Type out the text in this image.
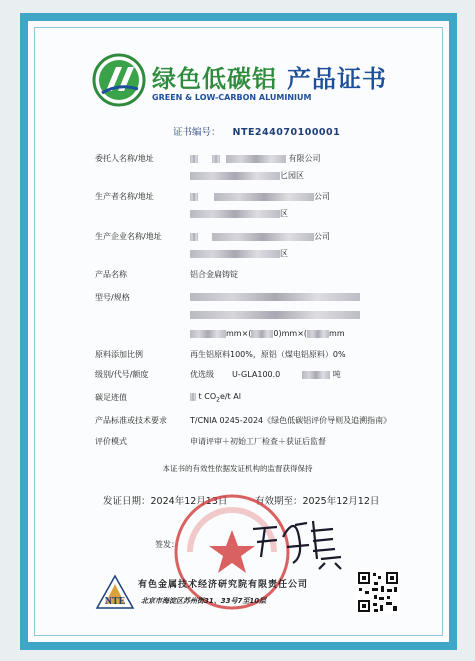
绿色低碳铝 产品证书
GREEN & LOW-CARBON ALUMINIUM
证书编号： NTE244070100001
委托人名称/地址	有限公司
匕园区
生产者名称/地址	公司
区
生产企业名称/地址	公司
区
产品名称	铝合金扁铸锭
型号/规格
mm×(	0)mm×(	mm
原料添加比例	再生铝原料100%，原铝（煤电铝原料）0%
级别/代号/额度	优选级 U-GLA100.0	吨
碳足迹值	t $CO_2e/t$ Al
产品标准或技术要求	T/CNIA 0245-2024《绿色低碳铝评价导则及追溯指南》
评价模式	申请评审＋初始工厂检查＋获证后监督
本证书的有效性依据发证机构的监督获得保持
发证日期：2024年12月13日	有效期至：2025年12月12日
签发：
NTE
有色金属技术经济研究院有限责任公司
北京市海淀区苏州街31、33号7至10层
